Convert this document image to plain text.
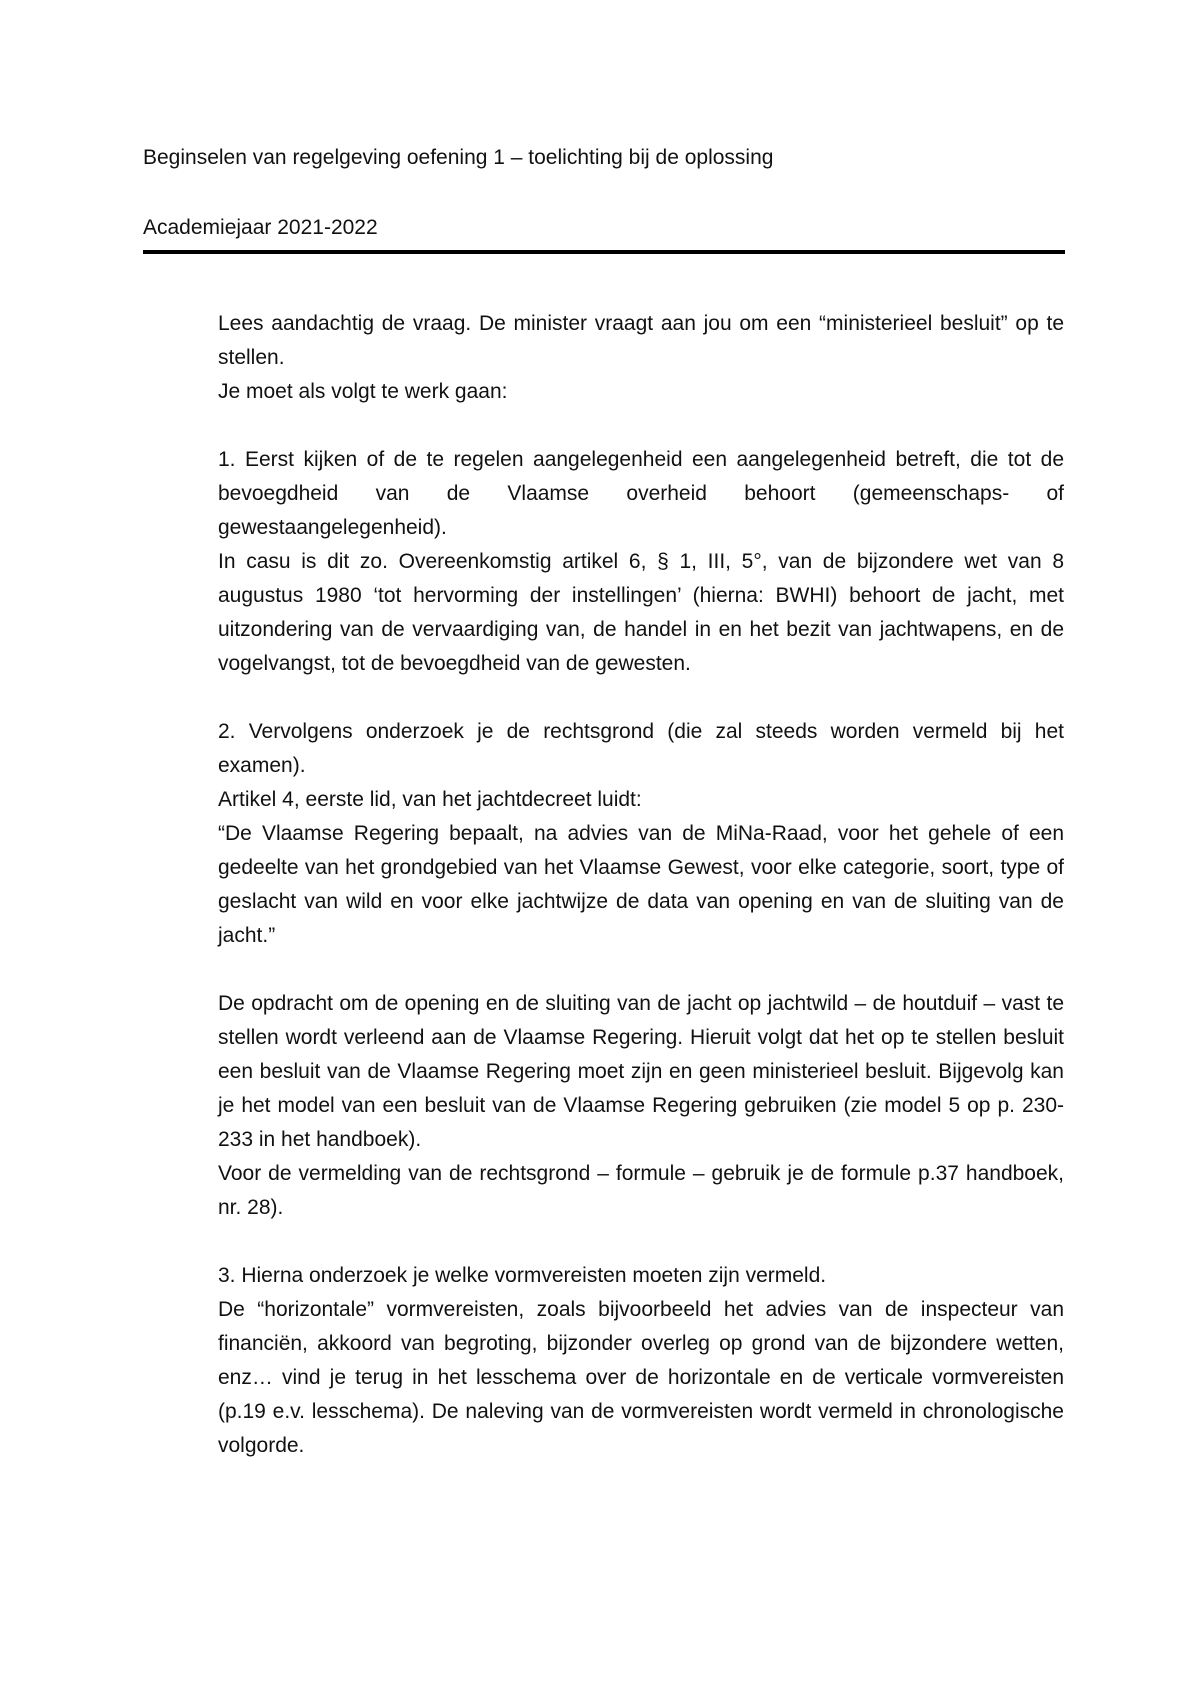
Beginselen van regelgeving oefening 1 – toelichting bij de oplossing
Academiejaar 2021-2022

Lees aandachtig de vraag. De minister vraagt aan jou om een “ministerieel besluit” op te stellen.

Je moet als volgt te werk gaan:

1. Eerst kijken of de te regelen aangelegenheid een aangelegenheid betreft, die tot de bevoegdheid van de Vlaamse overheid behoort (gemeenschaps- of gewestaangelegenheid).

In casu is dit zo. Overeenkomstig artikel 6, § 1, III, 5°, van de bijzondere wet van 8 augustus 1980 ‘tot hervorming der instellingen’ (hierna: BWHI) behoort de jacht, met uitzondering van de vervaardiging van, de handel in en het bezit van jachtwapens, en de vogelvangst, tot de bevoegdheid van de gewesten.

2. Vervolgens onderzoek je de rechtsgrond (die zal steeds worden vermeld bij het examen).

Artikel 4, eerste lid, van het jachtdecreet luidt:

“De Vlaamse Regering bepaalt, na advies van de MiNa-Raad, voor het gehele of een gedeelte van het grondgebied van het Vlaamse Gewest, voor elke categorie, soort, type of geslacht van wild en voor elke jachtwijze de data van opening en van de sluiting van de jacht.”

De opdracht om de opening en de sluiting van de jacht op jachtwild – de houtduif – vast te stellen wordt verleend aan de Vlaamse Regering. Hieruit volgt dat het op te stellen besluit een besluit van de Vlaamse Regering moet zijn en geen ministerieel besluit. Bijgevolg kan je het model van een besluit van de Vlaamse Regering gebruiken (zie model 5 op p. 230-233 in het handboek).

Voor de vermelding van de rechtsgrond – formule – gebruik je de formule p.37 handboek, nr. 28).

3. Hierna onderzoek je welke vormvereisten moeten zijn vermeld.

De “horizontale” vormvereisten, zoals bijvoorbeeld het advies van de inspecteur van financiën, akkoord van begroting, bijzonder overleg op grond van de bijzondere wetten, enz… vind je terug in het lesschema over de horizontale en de verticale vormvereisten (p.19 e.v. lesschema). De naleving van de vormvereisten wordt vermeld in chronologische volgorde.
